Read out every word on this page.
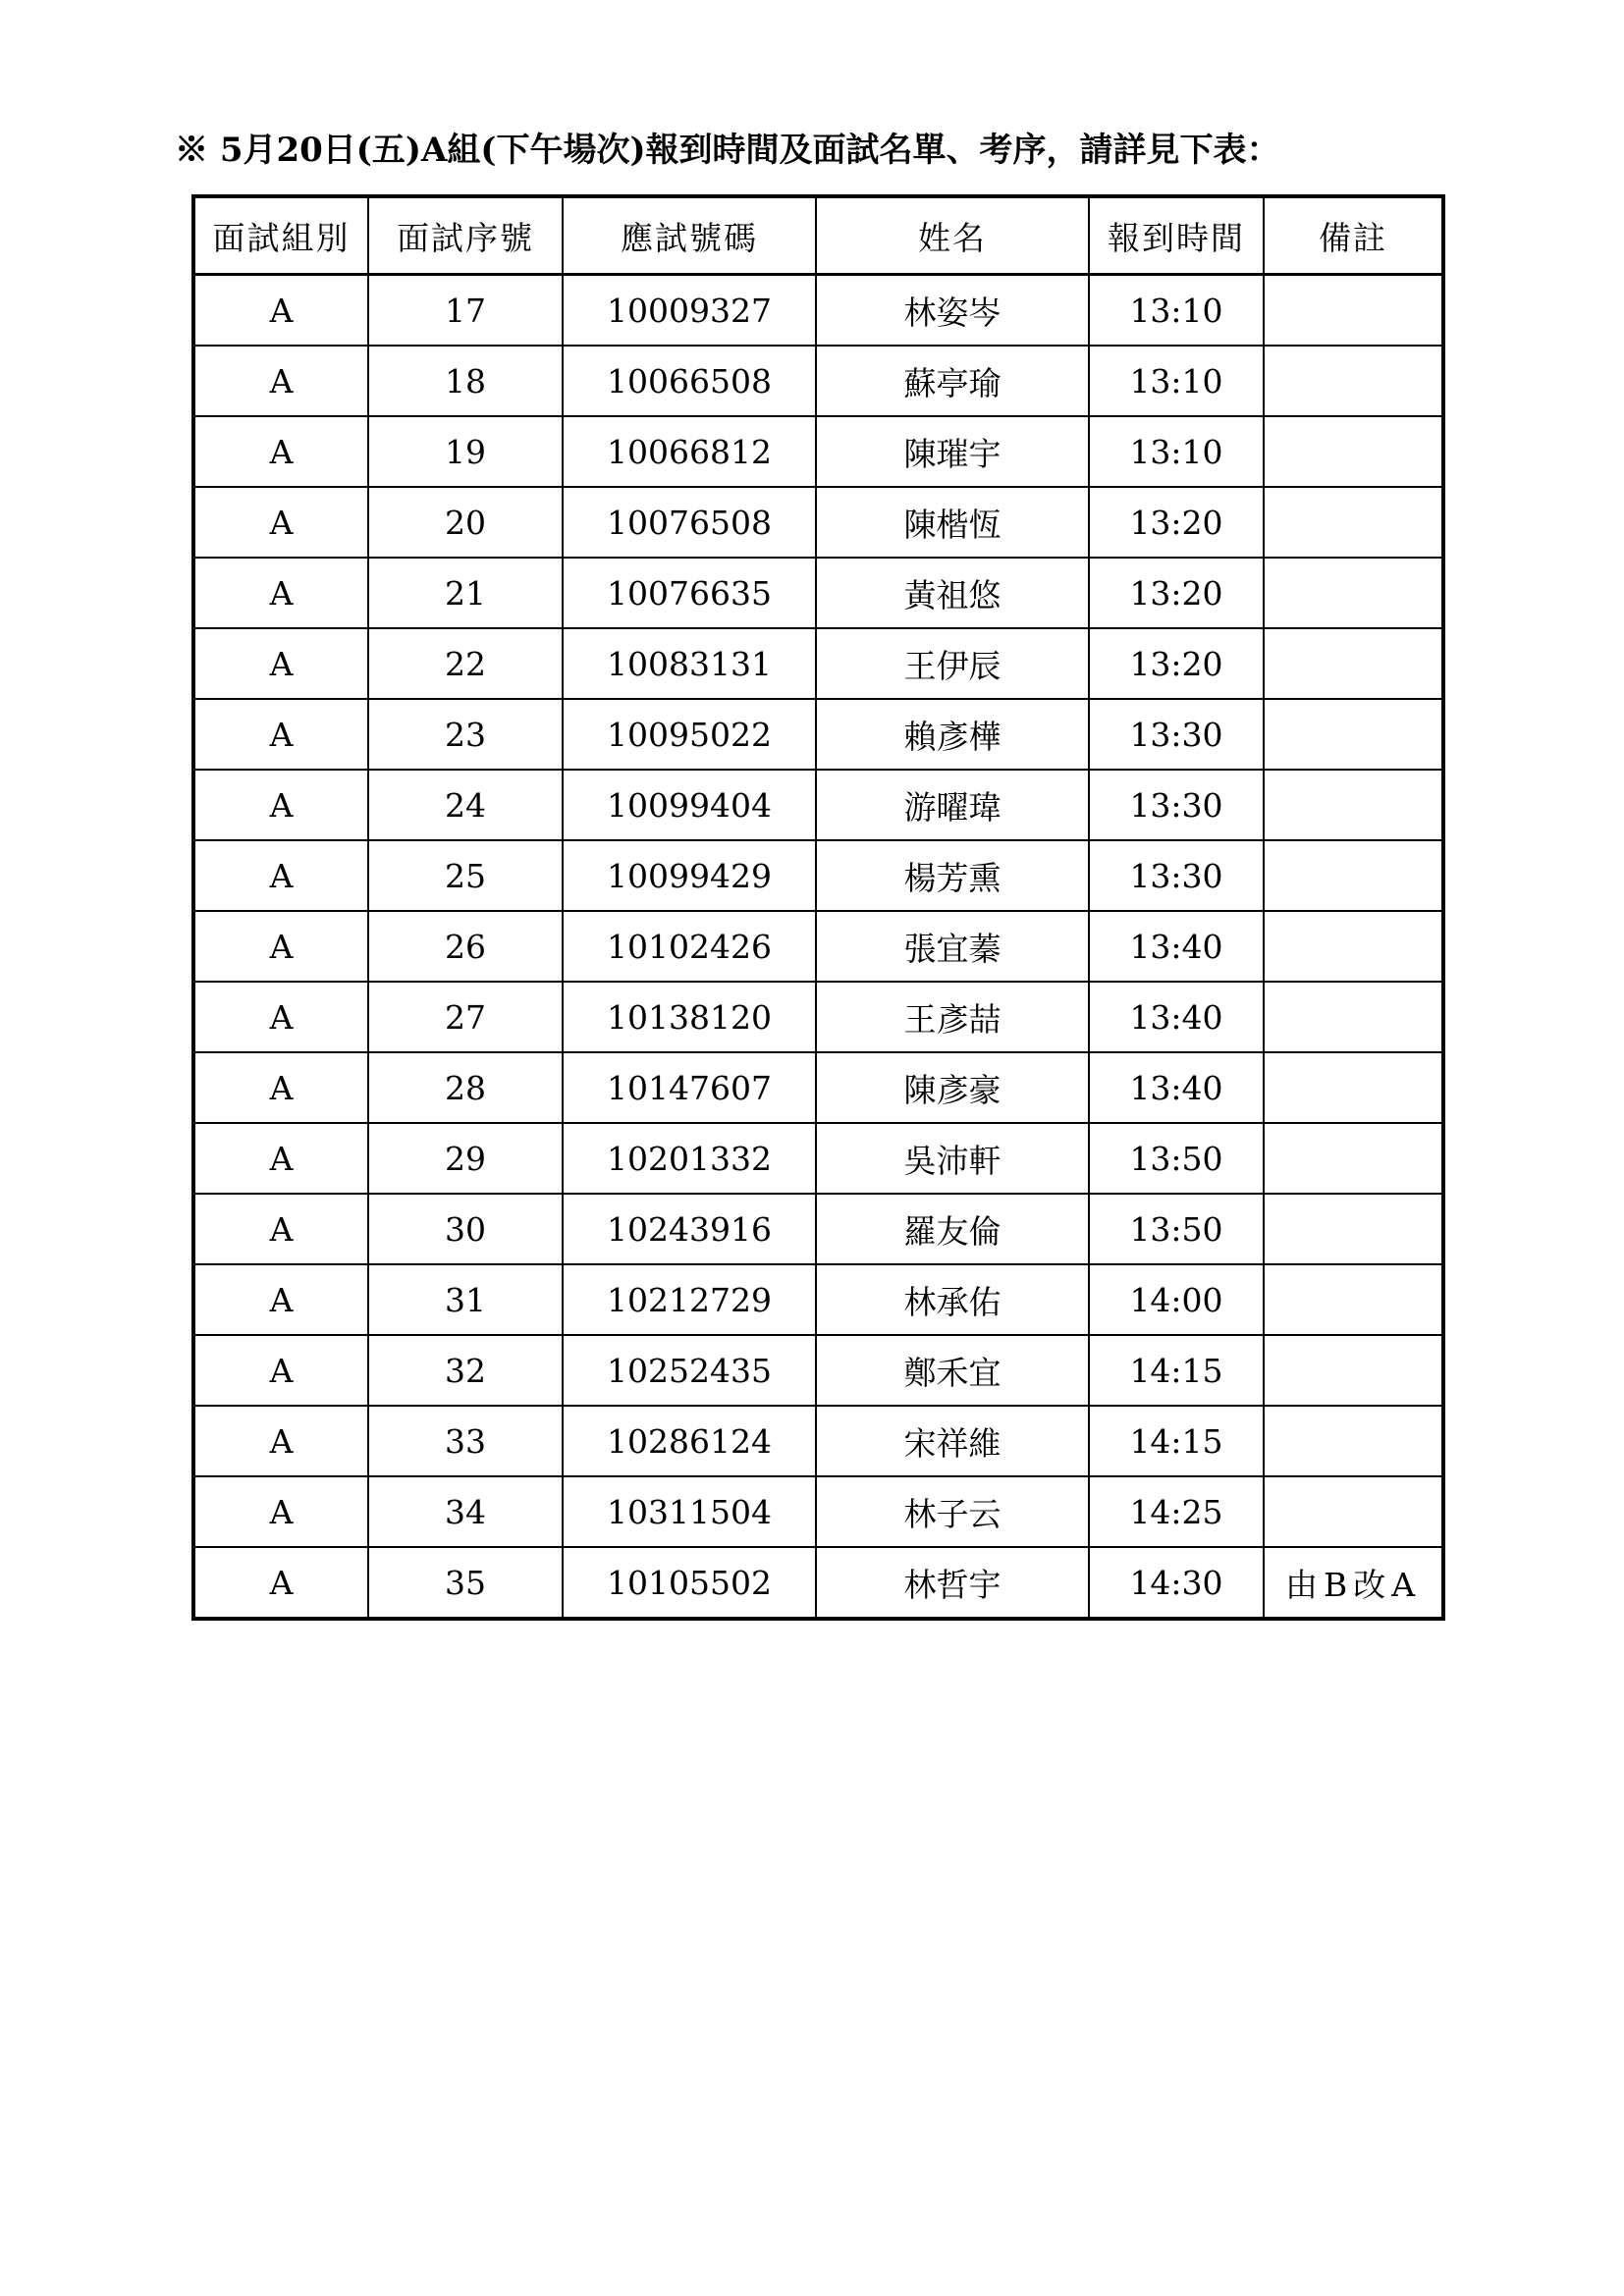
※ 5月20日(五)A組(下午場次)報到時間及面試名單、考序，請詳見下表：
面試組別	面試序號	應試號碼	姓名	報到時間	備註
A	17	10009327	林姿岑	13:10	
A	18	10066508	蘇亭瑜	13:10	
A	19	10066812	陳璀宇	13:10	
A	20	10076508	陳楷恆	13:20	
A	21	10076635	黃祖悠	13:20	
A	22	10083131	王伊辰	13:20	
A	23	10095022	賴彥樺	13:30	
A	24	10099404	游曜瑋	13:30	
A	25	10099429	楊芳熏	13:30	
A	26	10102426	張宜蓁	13:40	
A	27	10138120	王彥喆	13:40	
A	28	10147607	陳彥豪	13:40	
A	29	10201332	吳沛軒	13:50	
A	30	10243916	羅友倫	13:50	
A	31	10212729	林承佑	14:00	
A	32	10252435	鄭禾宜	14:15	
A	33	10286124	宋祥維	14:15	
A	34	10311504	林子云	14:25	
A	35	10105502	林哲宇	14:30	由B改A
